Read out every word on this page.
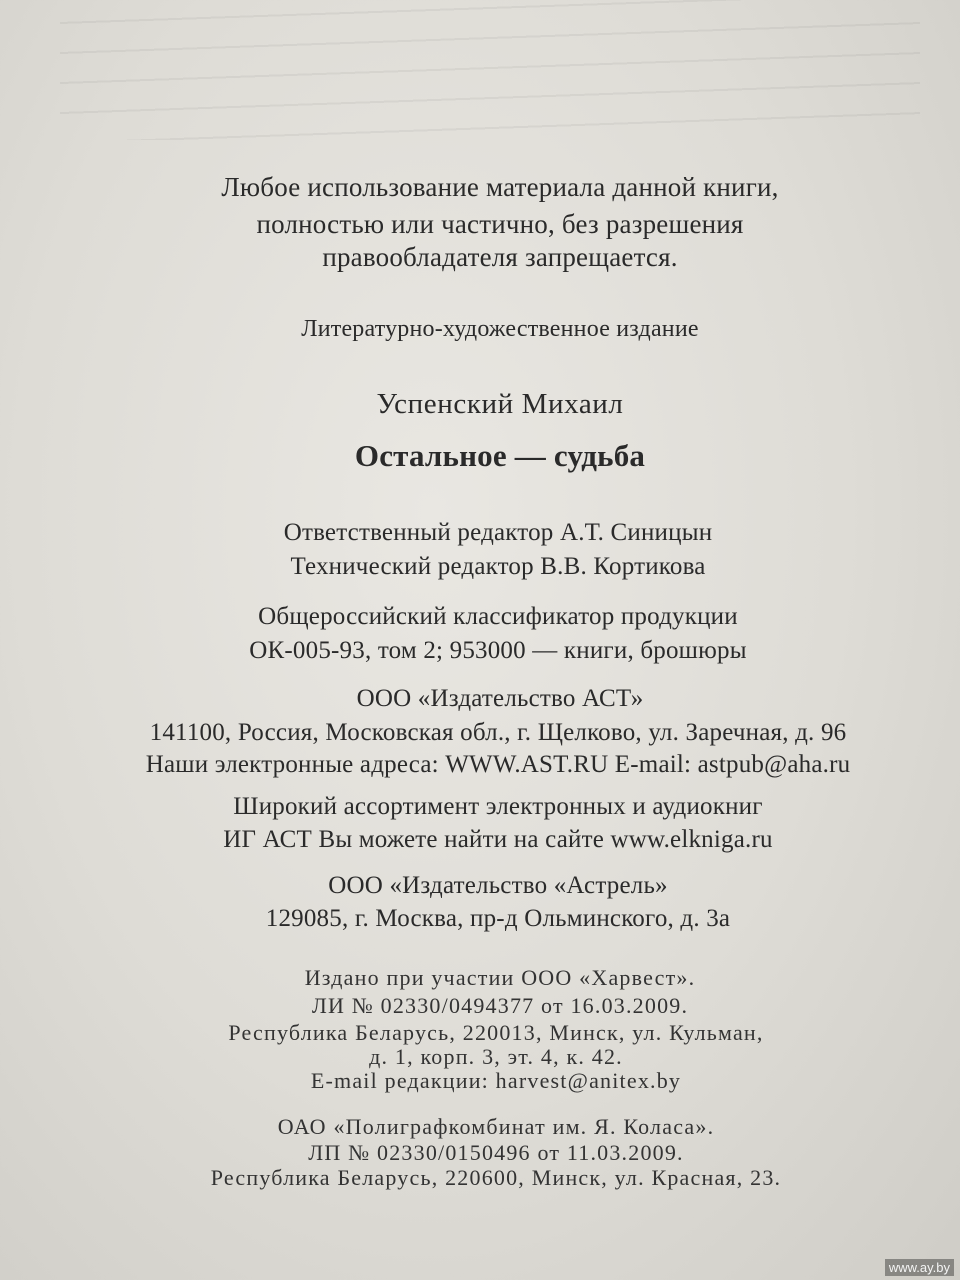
Любое использование материала данной книги,
полностью или частично, без разрешения
правообладателя запрещается.
Литературно-художественное издание
Успенский Михаил
Остальное — судьба
Ответственный редактор А.Т. Синицын
Технический редактор В.В. Кортикова
Общероссийский классификатор продукции
ОК-005-93, том 2; 953000 — книги, брошюры
ООО «Издательство АСТ»
141100, Россия, Московская обл., г. Щелково, ул. Заречная, д. 96
Наши электронные адреса: WWW.AST.RU E-mail: astpub@aha.ru
Широкий ассортимент электронных и аудиокниг
ИГ АСТ Вы можете найти на сайте www.elkniga.ru
ООО «Издательство «Астрель»
129085, г. Москва, пр-д Ольминского, д. 3а
Издано при участии ООО «Харвест».
ЛИ № 02330/0494377 от 16.03.2009.
Республика Беларусь, 220013, Минск, ул. Кульман,
д. 1, корп. 3, эт. 4, к. 42.
E-mail редакции: harvest@anitex.by
ОАО «Полиграфкомбинат им. Я. Коласа».
ЛП № 02330/0150496 от 11.03.2009.
Республика Беларусь, 220600, Минск, ул. Красная, 23.
www.ay.by
